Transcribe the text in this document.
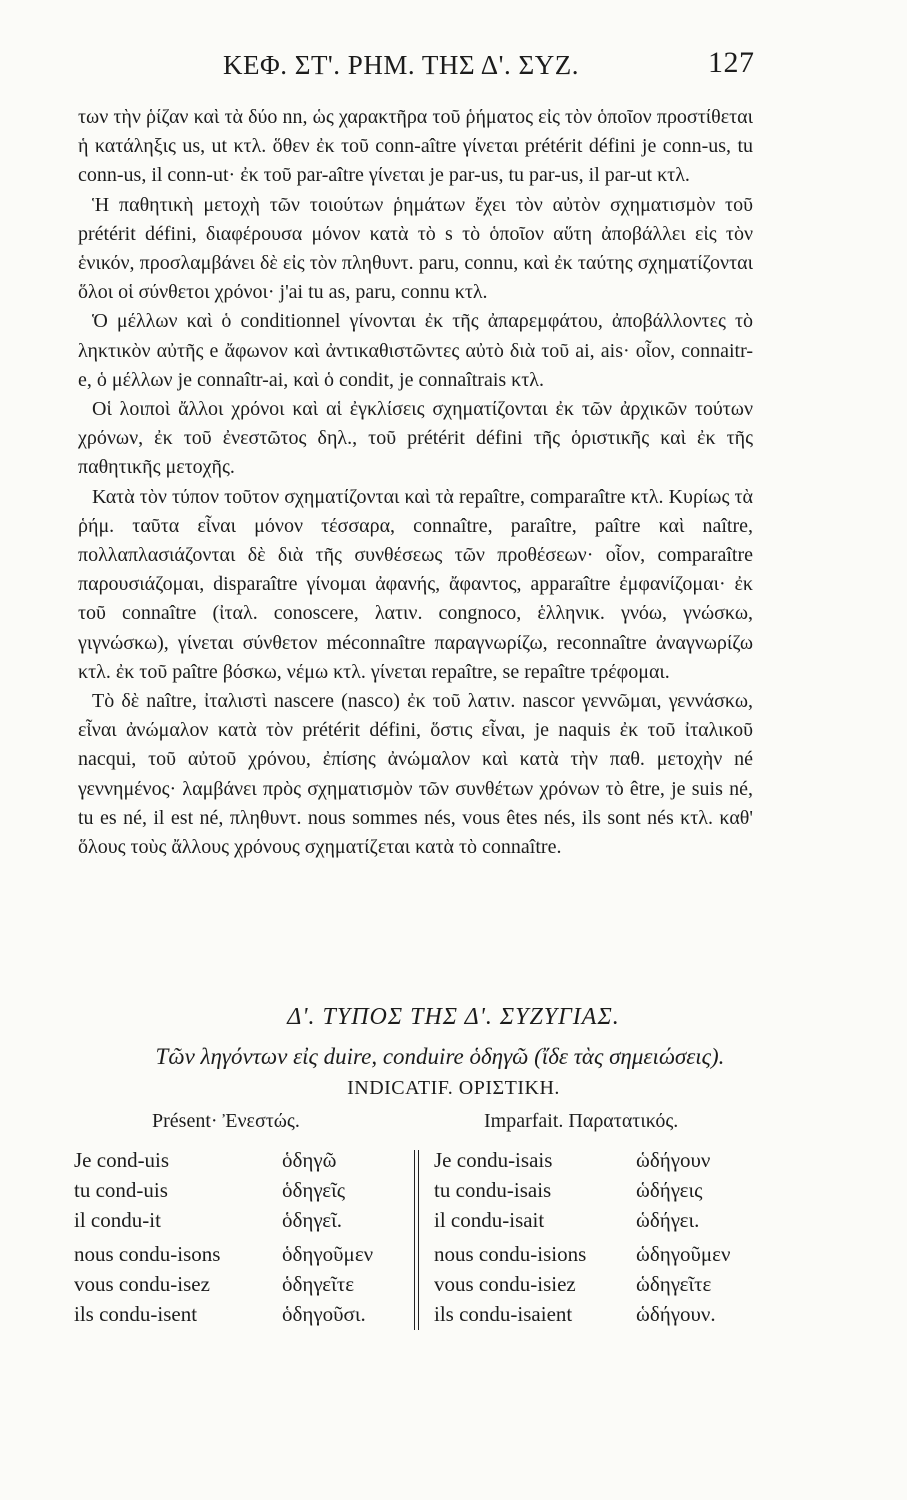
ΚΕΦ. ΣΤ'. ΡΗΜ. ΤΗΣ Δ'. ΣΥΖ.	127

των τὴν ῥίζαν καὶ τὰ δύο nn, ὡς χαρακτῆρα τοῦ ῥήματος εἰς τὸν ὁποῖον προστίθεται ἡ κατάληξις us, ut κτλ. ὅθεν ἐκ τοῦ conn-aître γίνεται prétérit défini je conn-us, tu conn-us, il conn-ut· ἐκ τοῦ par-aître γίνεται je par-us, tu par-us, il par-ut κτλ.

Ἡ παθητικὴ μετοχὴ τῶν τοιούτων ῥημάτων ἔχει τὸν αὐτὸν σχηματισμὸν τοῦ prétérit défini, διαφέρουσα μόνον κατὰ τὸ s τὸ ὁποῖον αὕτη ἀποβάλλει εἰς τὸν ἑνικόν, προσλαμβάνει δὲ εἰς τὸν πληθυντ. paru, connu, καὶ ἐκ ταύτης σχηματίζονται ὅλοι οἱ σύνθετοι χρόνοι· j'ai tu as, paru, connu κτλ.

Ὁ μέλλων καὶ ὁ conditionnel γίνονται ἐκ τῆς ἀπαρεμφάτου, ἀποβάλλοντες τὸ ληκτικὸν αὐτῆς e ἄφωνον καὶ ἀντικαθιστῶντες αὐτὸ διὰ τοῦ ai, ais· οἷον, connaitr-e, ὁ μέλλων je connaîtr-ai, καὶ ὁ condit, je connaîtrais κτλ.

Οἱ λοιποὶ ἄλλοι χρόνοι καὶ αἱ ἐγκλίσεις σχηματίζονται ἐκ τῶν ἀρχικῶν τούτων χρόνων, ἐκ τοῦ ἐνεστῶτος δηλ., τοῦ prétérit défini τῆς ὁριστικῆς καὶ ἐκ τῆς παθητικῆς μετοχῆς.

Κατὰ τὸν τύπον τοῦτον σχηματίζονται καὶ τὰ repaître, comparaître κτλ. Κυρίως τὰ ῥήμ. ταῦτα εἶναι μόνον τέσσαρα, connaître, paraître, paître καὶ naître, πολλαπλασιάζονται δὲ διὰ τῆς συνθέσεως τῶν προθέσεων· οἷον, comparaître παρουσιάζομαι, disparaître γίνομαι ἀφανής, ἄφαντος, apparaître ἐμφανίζομαι· ἐκ τοῦ connaître (ἰταλ. conoscere, λατιν. congnoco, ἑλληνικ. γνόω, γνώσκω, γιγνώσκω), γίνεται σύνθετον méconnaître παραγνωρίζω, reconnaître ἀναγνωρίζω κτλ. ἐκ τοῦ paître βόσκω, νέμω κτλ. γίνεται repaître, se repaître τρέφομαι.

Τὸ δὲ naître, ἰταλιστὶ nascere (nasco) ἐκ τοῦ λατιν. nascor γεννῶμαι, γεννάσκω, εἶναι ἀνώμαλον κατὰ τὸν prétérit défini, ὅστις εἶναι, je naquis ἐκ τοῦ ἰταλικοῦ nacqui, τοῦ αὐτοῦ χρόνου, ἐπίσης ἀνώμαλον καὶ κατὰ τὴν παθ. μετοχὴν né γεννημένος· λαμβάνει πρὸς σχηματισμὸν τῶν συνθέτων χρόνων τὸ être, je suis né, tu es né, il est né, πληθυντ. nous sommes nés, vous êtes nés, ils sont nés κτλ. καθ' ὅλους τοὺς ἄλλους χρόνους σχηματίζεται κατὰ τὸ connaître.

Δ'. ΤΥΠΟΣ ΤΗΣ Δ'. ΣΥΖΥΓΙΑΣ.
Τῶν ληγόντων εἰς duire, conduire ὁδηγῶ (ἴδε τὰς σημειώσεις).
INDICATIF. ΟΡΙΣΤΙΚΗ.
Présent· Ἐνεστώς.	Imparfait. Παρατατικός.
Je cond-uis	ὁδηγῶ
tu cond-uis	ὁδηγεῖς
il condu-it	ὁδηγεῖ.
nous condu-isons	ὁδηγοῦμεν
vous condu-isez	ὁδηγεῖτε
ils condu-isent	ὁδηγοῦσι.
Je condu-isais	ὡδήγουν
tu condu-isais	ὡδήγεις
il condu-isait	ὡδήγει.
nous condu-isions ὡδηγοῦμεν
vous condu-isiez	ὡδηγεῖτε
ils condu-isaient	ὡδήγουν.
